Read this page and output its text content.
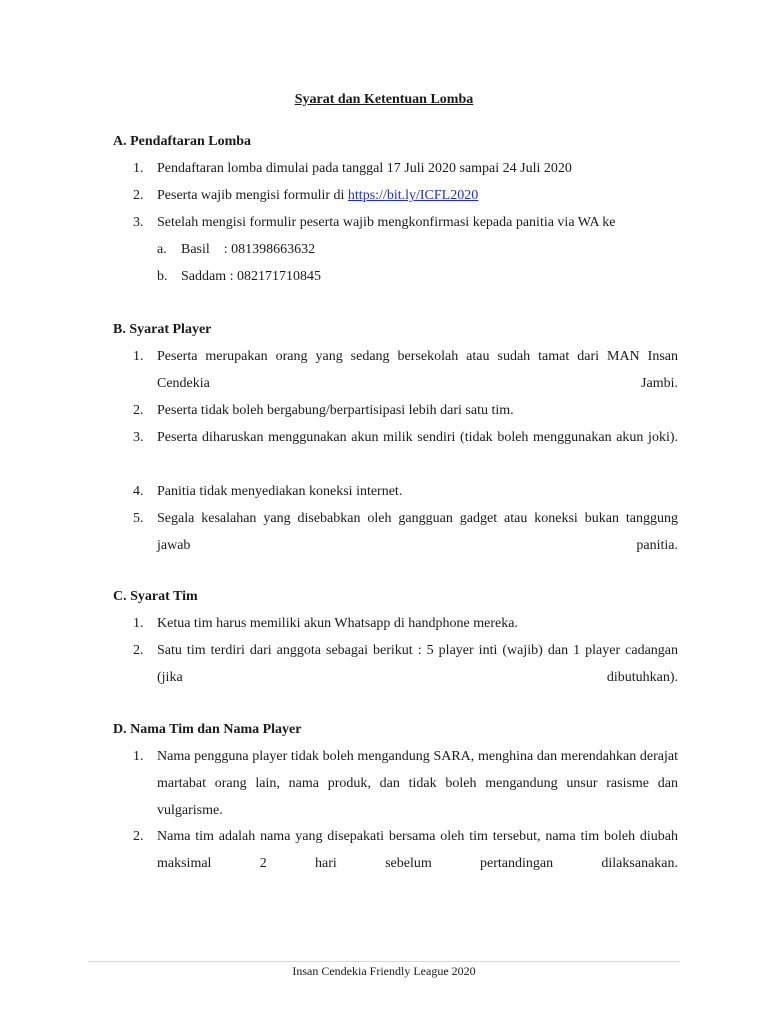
Syarat dan Ketentuan Lomba
A. Pendaftaran Lomba
1. Pendaftaran lomba dimulai pada tanggal 17 Juli 2020 sampai 24 Juli 2020
2. Peserta wajib mengisi formulir di https://bit.ly/ICFL2020
3. Setelah mengisi formulir peserta wajib mengkonfirmasi kepada panitia via WA ke
a. Basil    : 081398663632
b. Saddam : 082171710845
B. Syarat Player
1. Peserta merupakan orang yang sedang bersekolah atau sudah tamat dari MAN Insan Cendekia Jambi.
2. Peserta tidak boleh bergabung/berpartisipasi lebih dari satu tim.
3. Peserta diharuskan menggunakan akun milik sendiri (tidak boleh menggunakan akun joki).
4. Panitia tidak menyediakan koneksi internet.
5. Segala kesalahan yang disebabkan oleh gangguan gadget atau koneksi bukan tanggung jawab panitia.
C. Syarat Tim
1. Ketua tim harus memiliki akun Whatsapp di handphone mereka.
2. Satu tim terdiri dari anggota sebagai berikut : 5 player inti (wajib) dan 1 player cadangan (jika dibutuhkan).
D. Nama Tim dan Nama Player
1. Nama pengguna player tidak boleh mengandung SARA, menghina dan merendahkan derajat martabat orang lain, nama produk, dan tidak boleh mengandung unsur rasisme dan vulgarisme.
2. Nama tim adalah nama yang disepakati bersama oleh tim tersebut, nama tim boleh diubah maksimal 2 hari sebelum pertandingan dilaksanakan.
Insan Cendekia Friendly League 2020
